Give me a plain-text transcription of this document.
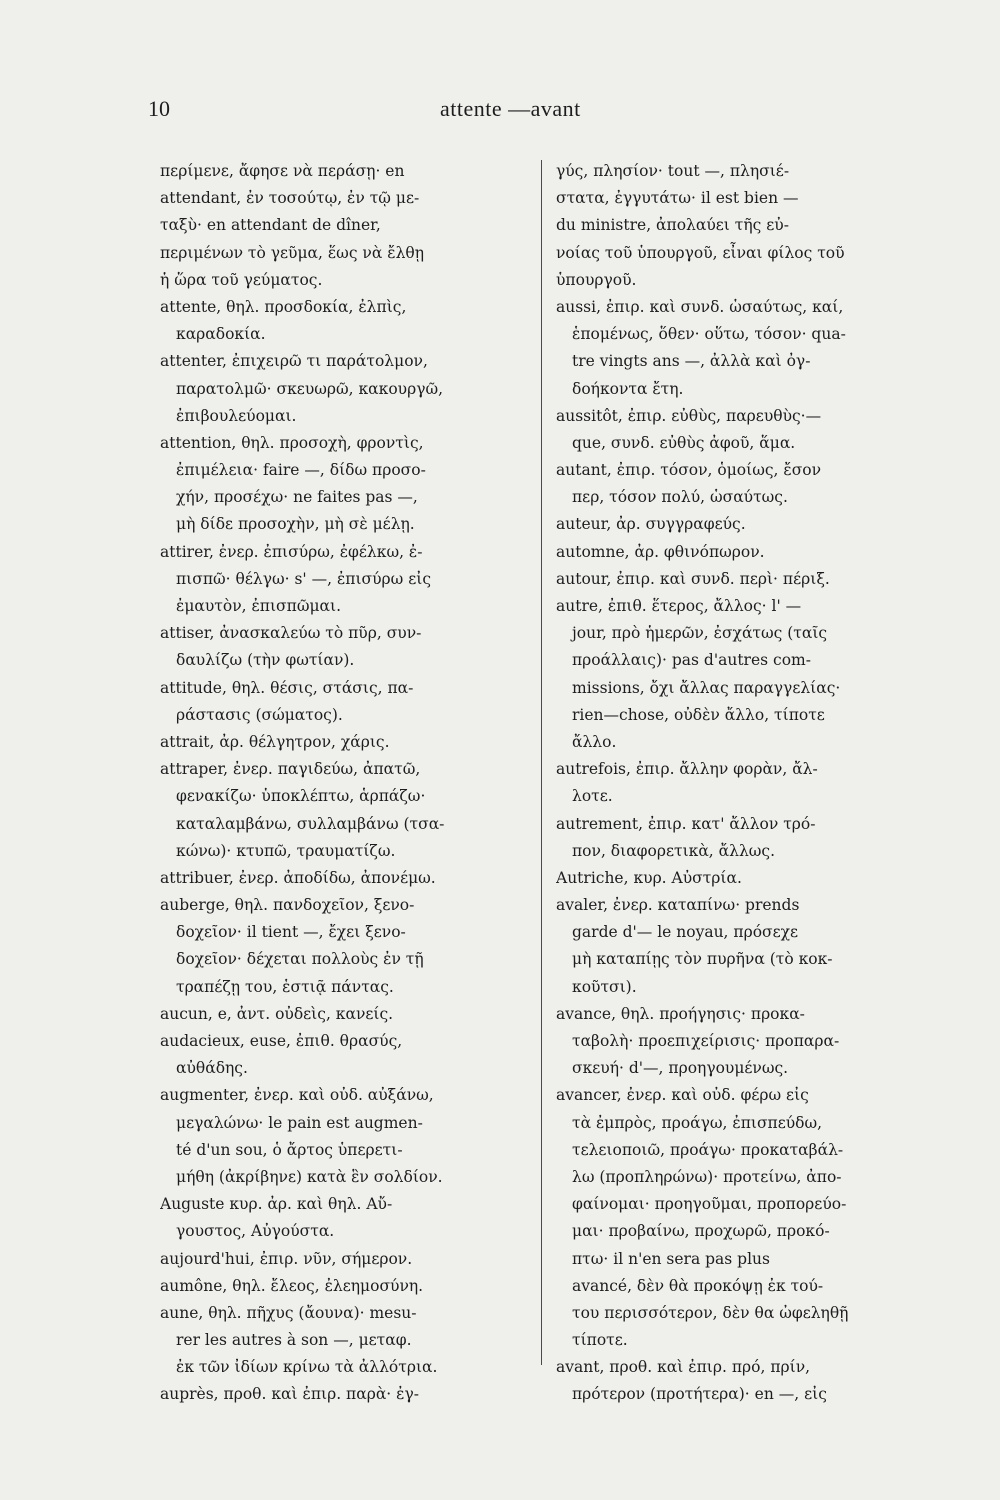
10	attente —avant
περίμενε, ἄφησε νὰ περάσῃ· en
attendant, ἐν τοσούτῳ, ἐν τῷ με-
ταξὺ· en attendant de dîner,
περιμένων τὸ γεῦμα, ἕως νὰ ἔλθῃ
ἡ ὥρα τοῦ γεύματος.
attente, θηλ. προσδοκία, ἐλπὶς,
καραδοκία.
attenter, ἐπιχειρῶ τι παράτολμον,
παρατολμῶ· σκευωρῶ, κακουργῶ,
ἐπιβουλεύομαι.
attention, θηλ. προσοχὴ, φροντὶς,
ἐπιμέλεια· faire —, δίδω προσο-
χήν, προσέχω· ne faites pas —,
μὴ δίδε προσοχὴν, μὴ σὲ μέλῃ.
attirer, ἐνερ. ἐπισύρω, ἐφέλκω, ἐ-
πισπῶ· θέλγω· s' —, ἐπισύρω εἰς
ἐμαυτὸν, ἐπισπῶμαι.
attiser, ἀνασκαλεύω τὸ πῦρ, συν-
δαυλίζω (τὴν φωτίαν).
attitude, θηλ. θέσις, στάσις, πα-
ράστασις (σώματος).
attrait, ἀρ. θέλγητρον, χάρις.
attraper, ἐνερ. παγιδεύω, ἀπατῶ,
φενακίζω· ὑποκλέπτω, ἁρπάζω·
καταλαμβάνω, συλλαμβάνω (τσα-
κώνω)· κτυπῶ, τραυματίζω.
attribuer, ἐνερ. ἀποδίδω, ἀπονέμω.
auberge, θηλ. πανδοχεῖον, ξενο-
δοχεῖον· il tient —, ἔχει ξενο-
δοχεῖον· δέχεται πολλοὺς ἐν τῇ
τραπέζῃ του, ἑστιᾷ πάντας.
aucun, e, ἀντ. οὐδεὶς, κανείς.
audacieux, euse, ἐπιθ. θρασύς,
αὐθάδης.
augmenter, ἐνερ. καὶ οὐδ. αὐξάνω,
μεγαλώνω· le pain est augmen-
té d'un sou, ὁ ἄρτος ὑπερετι-
μήθη (ἀκρίβηνε) κατὰ ἓν σολδίον.
Auguste κυρ. ἀρ. καὶ θηλ. Αὔ-
γουστος, Αὐγούστα.
aujourd'hui, ἐπιρ. νῦν, σήμερον.
aumône, θηλ. ἔλεος, ἐλεημοσύνη.
aune, θηλ. πῆχυς (ἄουνα)· mesu-
rer les autres à son —, μεταφ.
ἐκ τῶν ἰδίων κρίνω τὰ ἀλλότρια.
auprès, προθ. καὶ ἐπιρ. παρὰ· ἐγ-
γύς, πλησίον· tout —, πλησιέ-
στατα, ἐγγυτάτω· il est bien —
du ministre, ἀπολαύει τῆς εὐ-
νοίας τοῦ ὑπουργοῦ, εἶναι φίλος τοῦ
ὑπουργοῦ.
aussi, ἐπιρ. καὶ συνδ. ὡσαύτως, καί,
ἑπομένως, ὅθεν· οὕτω, τόσον· qua-
tre vingts ans —, ἀλλὰ καὶ ὀγ-
δοήκοντα ἔτη.
aussitôt, ἐπιρ. εὐθὺς, παρευθὺς·—
que, συνδ. εὐθὺς ἀφοῦ, ἅμα.
autant, ἐπιρ. τόσον, ὁμοίως, ἔσον
περ, τόσον πολύ, ὡσαύτως.
auteur, ἀρ. συγγραφεύς.
automne, ἀρ. φθινόπωρον.
autour, ἐπιρ. καὶ συνδ. περὶ· πέριξ.
autre, ἐπιθ. ἕτερος, ἄλλος· l' —
jour, πρὸ ἡμερῶν, ἐσχάτως (ταῖς
προάλλαις)· pas d'autres com-
missions, ὄχι ἄλλας παραγγελίας·
rien—chose, οὐδὲν ἄλλο, τίποτε
ἄλλο.
autrefois, ἐπιρ. ἄλλην φορὰν, ἄλ-
λοτε.
autrement, ἐπιρ. κατ' ἄλλον τρό-
πον, διαφορετικὰ, ἄλλως.
Autriche, κυρ. Αὐστρία.
avaler, ἐνερ. καταπίνω· prends
garde d'— le noyau, πρόσεχε
μὴ καταπίῃς τὸν πυρῆνα (τὸ κοκ-
κοῦτσι).
avance, θηλ. προήγησις· προκα-
ταβολὴ· προεπιχείρισις· προπαρα-
σκευή· d'—, προηγουμένως.
avancer, ἐνερ. καὶ οὐδ. φέρω εἰς
τὰ ἐμπρὸς, προάγω, ἐπισπεύδω,
τελειοποιῶ, προάγω· προκαταβάλ-
λω (προπληρώνω)· προτείνω, ἀπο-
φαίνομαι· προηγοῦμαι, προπορεύο-
μαι· προβαίνω, προχωρῶ, προκό-
πτω· il n'en sera pas plus
avancé, δὲν θὰ προκόψῃ ἐκ τού-
του περισσότερον, δὲν θα ὠφεληθῇ
τίποτε.
avant, προθ. καὶ ἐπιρ. πρό, πρίν,
πρότερον (προτήτερα)· en —, εἰς
